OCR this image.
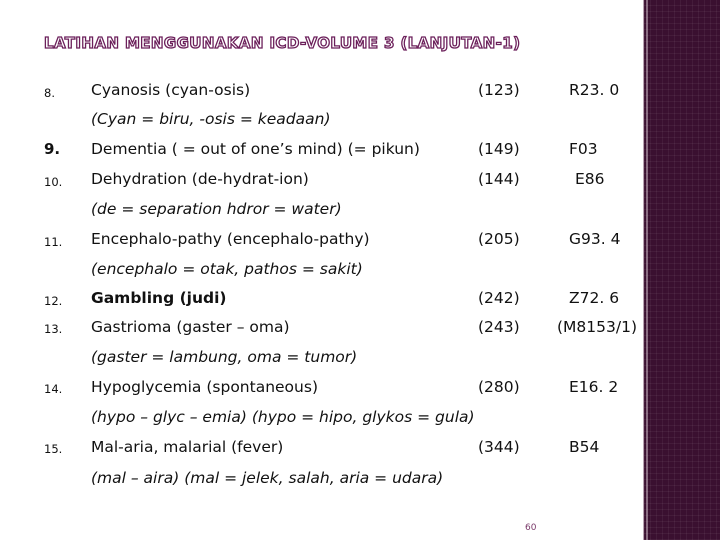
LATIHAN MENGGUNAKAN ICD-VOLUME 3 (LANJUTAN-1)
8. Cyanosis (cyan-osis)	(123)	R23. 0
(Cyan = biru, -osis = keadaan)
9. Dementia ( = out of one’s mind) (= pikun)	(149)	F03
10. Dehydration (de-hydrat-ion)	(144)	E86
(de = separation hdror = water)
11. Encephalo-pathy (encephalo-pathy)	(205)	G93. 4
(encephalo = otak, pathos = sakit)
12. Gambling (judi)	(242)	Z72. 6
13. Gastrioma (gaster – oma)	(243) (M8153/1)
(gaster = lambung, oma = tumor)
14. Hypoglycemia (spontaneous)	(280)	E16. 2
(hypo – glyc – emia) (hypo = hipo, glykos = gula)
15. Mal-aria, malarial (fever)	(344)	B54
(mal – aira) (mal = jelek, salah, aria = udara)
60
